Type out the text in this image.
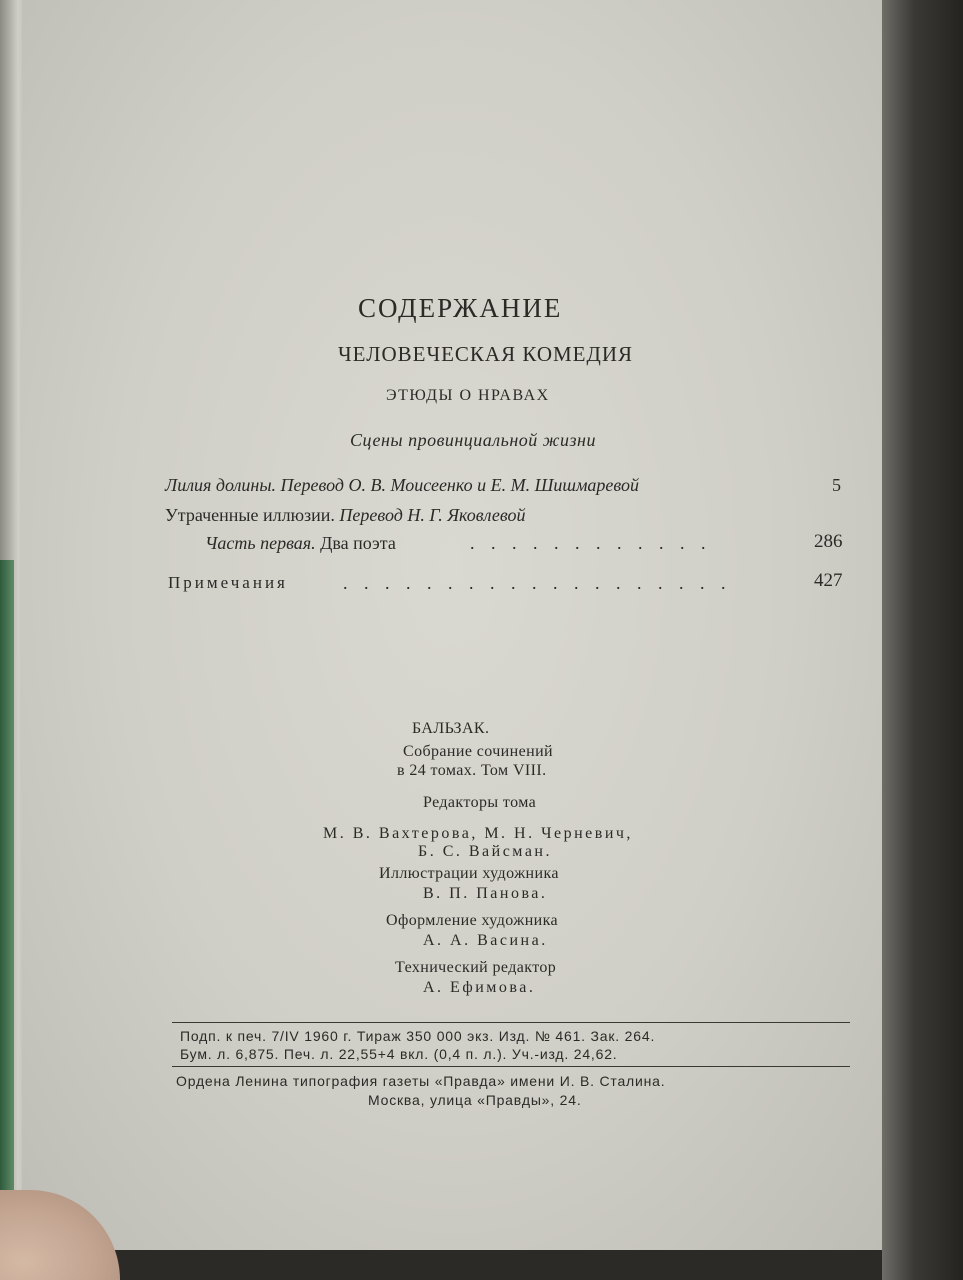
СОДЕРЖАНИЕ
ЧЕЛОВЕЧЕСКАЯ КОМЕДИЯ
ЭТЮДЫ О НРАВАХ
Сцены провинциальной жизни
Лилия долины. Перевод О. В. Моисеенко и Е. М. Шишмаревой	5
Утраченные иллюзии. Перевод Н. Г. Яковлевой
Часть первая. Два поэта	. . . . . . . . . . . .	286
Примечания	. . . . . . . . . . . . . . . . . . .	427
БАЛЬЗАК.
Собрание сочинений
в 24 томах. Том VIII.
Редакторы тома
М. В. Вахтерова, М. Н. Черневич,
Б. С. Вайсман.
Иллюстрации художника
В. П. Панова.
Оформление художника
А. А. Васина.
Технический редактор
А. Ефимова.
Подп. к печ. 7/IV 1960 г. Тираж 350 000 экз. Изд. № 461. Зак. 264.
Бум. л. 6,875. Печ. л. 22,55+4 вкл. (0,4 п. л.). Уч.-изд. 24,62.
Ордена Ленина типография газеты «Правда» имени И. В. Сталина.
Москва, улица «Правды», 24.
